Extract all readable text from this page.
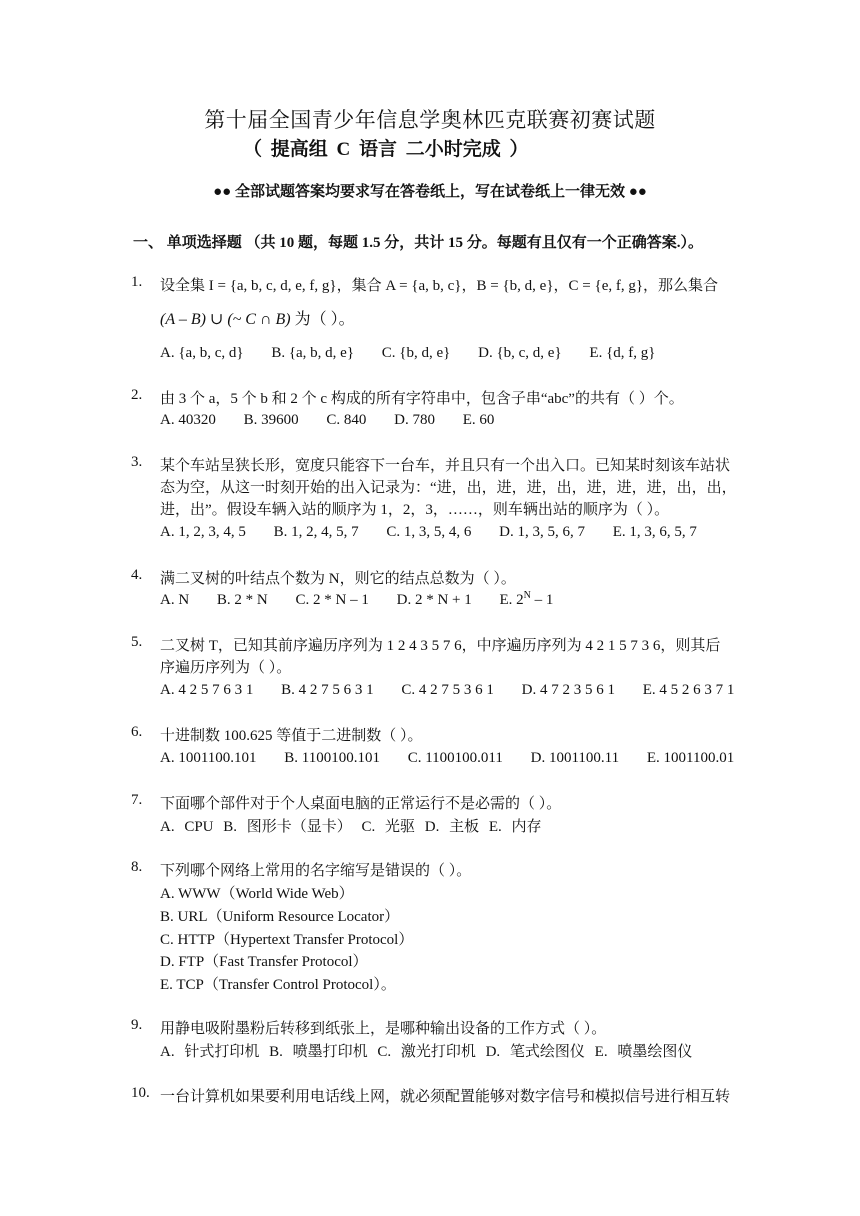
第十届全国青少年信息学奥林匹克联赛初赛试题
（ 提高组 C 语言 二小时完成 ）
●● 全部试题答案均要求写在答卷纸上，写在试卷纸上一律无效 ●●
一、 单项选择题 （共 10 题，每题 1.5 分，共计 15 分。每题有且仅有一个正确答案.）。
1. 设全集 I = {a, b, c, d, e, f, g}，集合 A = {a, b, c}，B = {b, d, e}，C = {e, f, g}，那么集合
(A – B) ∪ (~ C ∩ B) 为（ ）。
A. {a, b, c, d} B. {a, b, d, e} C. {b, d, e} D. {b, c, d, e} E. {d, f, g}
2. 由 3 个 a，5 个 b 和 2 个 c 构成的所有字符串中，包含子串“abc”的共有（ ）个。
A. 40320 B. 39600 C. 840 D. 780 E. 60
3. 某个车站呈狭长形，宽度只能容下一台车，并且只有一个出入口。已知某时刻该车站状
态为空，从这一时刻开始的出入记录为：“进，出，进，进，出，进，进，进，出，出，
进，出”。假设车辆入站的顺序为 1，2，3，……，则车辆出站的顺序为（ ）。
A. 1, 2, 3, 4, 5 B. 1, 2, 4, 5, 7 C. 1, 3, 5, 4, 6 D. 1, 3, 5, 6, 7 E. 1, 3, 6, 5, 7
4. 满二叉树的叶结点个数为 N，则它的结点总数为（ ）。
A. N B. 2 * N C. 2 * N – 1 D. 2 * N + 1 E. $2^N - 1$
5. 二叉树 T，已知其前序遍历序列为 1 2 4 3 5 7 6，中序遍历序列为 4 2 1 5 7 3 6，则其后
序遍历序列为（ ）。
A. 4 2 5 7 6 3 1 B. 4 2 7 5 6 3 1 C. 4 2 7 5 3 6 1 D. 4 7 2 3 5 6 1 E. 4 5 2 6 3 7 1
6. 十进制数 100.625 等值于二进制数（ ）。
A. 1001100.101 B. 1100100.101 C. 1100100.011 D. 1001100.11 E. 1001100.01
7. 下面哪个部件对于个人桌面电脑的正常运行不是必需的（ ）。
A. CPU B. 图形卡（显卡） C. 光驱 D. 主板 E. 内存
8. 下列哪个网络上常用的名字缩写是错误的（ ）。
A. WWW（World Wide Web）
B. URL（Uniform Resource Locator）
C. HTTP（Hypertext Transfer Protocol）
D. FTP（Fast Transfer Protocol）
E. TCP（Transfer Control Protocol）。
9. 用静电吸附墨粉后转移到纸张上，是哪种输出设备的工作方式（ ）。
A. 针式打印机 B. 喷墨打印机 C. 激光打印机 D. 笔式绘图仪 E. 喷墨绘图仪
10. 一台计算机如果要利用电话线上网，就必须配置能够对数字信号和模拟信号进行相互转
